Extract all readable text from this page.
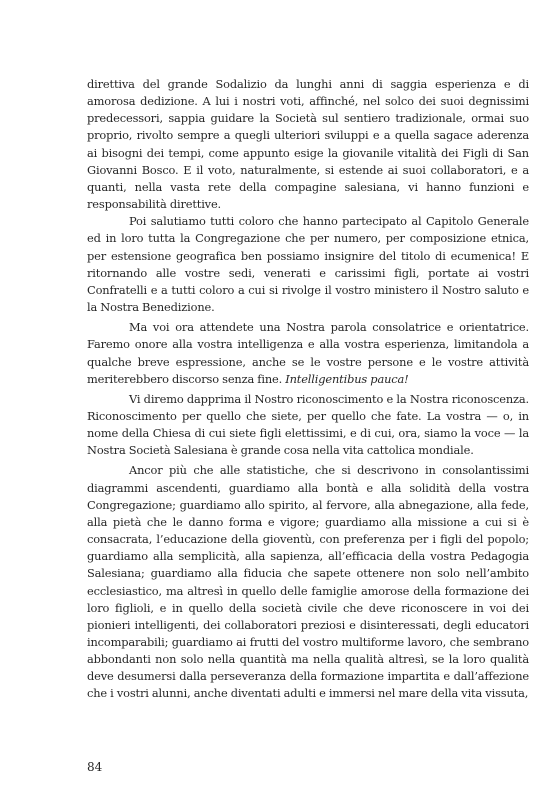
direttiva del grande Sodalizio da lunghi anni di saggia esperienza e di amorosa dedizione. A lui i nostri voti, affinché, nel solco dei suoi degnissimi predecessori, sappia guidare la Società sul sentiero tradizionale, ormai suo proprio, rivolto sempre a quegli ulteriori sviluppi e a quella sagace aderenza ai bisogni dei tempi, come appunto esige la giovanile vitalità dei Figli di San Giovanni Bosco. E il voto, naturalmente, si estende ai suoi collaboratori, e a quanti, nella vasta rete della compagine salesiana, vi hanno funzioni e responsabilità direttive.

Poi salutiamo tutti coloro che hanno partecipato al Capitolo Generale ed in loro tutta la Congregazione che per numero, per composizione etnica, per estensione geografica ben possiamo insignire del titolo di ecumenica! E ritornando alle vostre sedi, venerati e carissimi figli, portate ai vostri Confratelli e a tutti coloro a cui si rivolge il vostro ministero il Nostro saluto e la Nostra Benedizione.

Ma voi ora attendete una Nostra parola consolatrice e orientatrice. Faremo onore alla vostra intelligenza e alla vostra esperienza, limitandola a qualche breve espressione, anche se le vostre persone e le vostre attività meriterebbero discorso senza fine. Intelligentibus pauca!

Vi diremo dapprima il Nostro riconoscimento e la Nostra riconoscenza. Riconoscimento per quello che siete, per quello che fate. La vostra — o, in nome della Chiesa di cui siete figli elettissimi, e di cui, ora, siamo la voce — la Nostra Società Salesiana è grande cosa nella vita cattolica mondiale.

Ancor più che alle statistiche, che si descrivono in consolantissimi diagrammi ascendenti, guardiamo alla bontà e alla solidità della vostra Congregazione; guardiamo allo spirito, al fervore, alla abnegazione, alla fede, alla pietà che le danno forma e vigore; guardiamo alla missione a cui si è consacrata, l’educazione della gioventù, con preferenza per i figli del popolo; guardiamo alla semplicità, alla sapienza, all’efficacia della vostra Pedagogia Salesiana; guardiamo alla fiducia che sapete ottenere non solo nell’ambito ecclesiastico, ma altresì in quello delle famiglie amorose della formazione dei loro figlioli, e in quello della società civile che deve riconoscere in voi dei pionieri intelligenti, dei collaboratori preziosi e disinteressati, degli educatori incomparabili; guardiamo ai frutti del vostro multiforme lavoro, che sembrano abbondanti non solo nella quantità ma nella qualità altresì, se la loro qualità deve desumersi dalla perseveranza della formazione impartita e dall’affezione che i vostri alunni, anche diventati adulti e immersi nel mare della vita vissuta,

84
